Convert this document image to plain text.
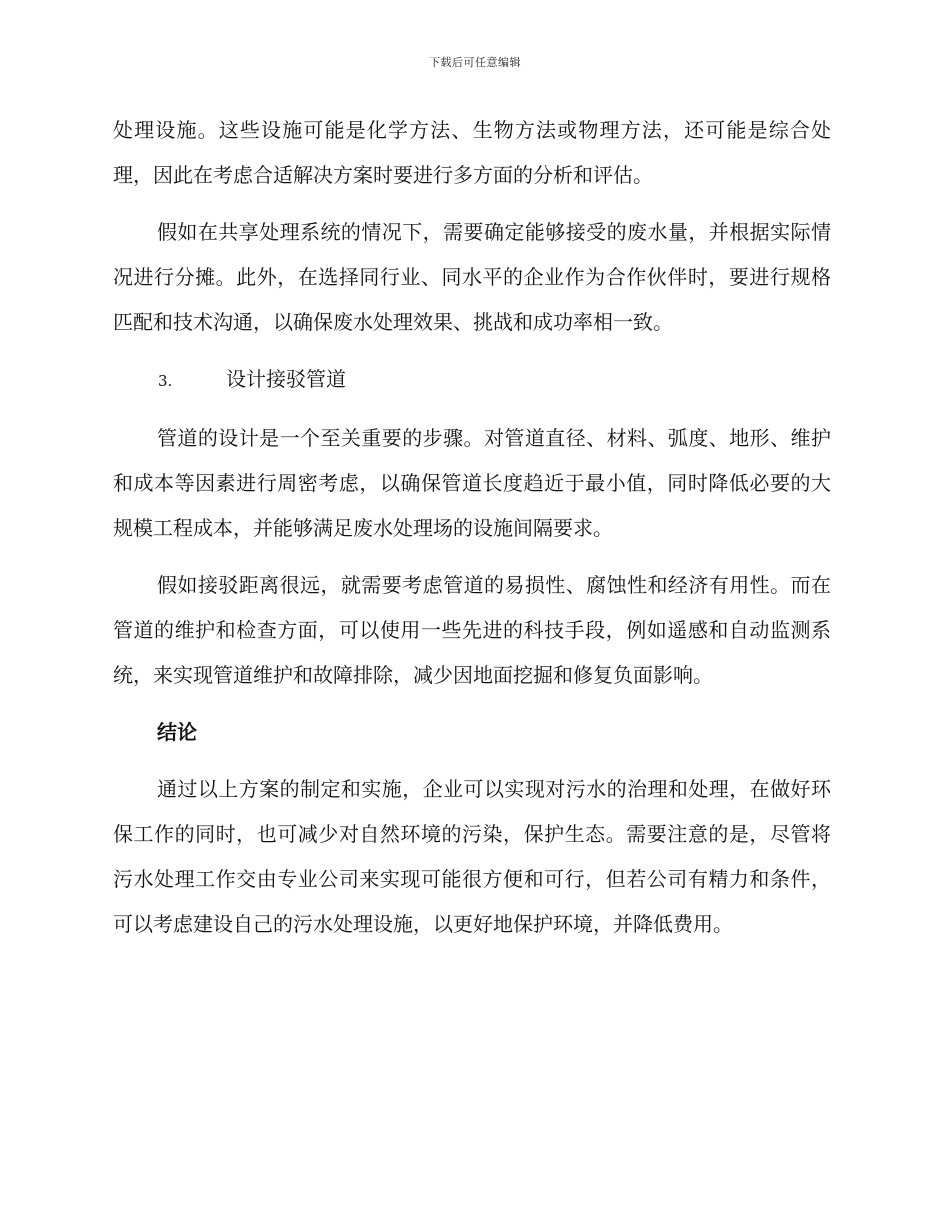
下载后可任意编辑

处理设施。这些设施可能是化学方法、生物方法或物理方法，还可能是综合处理，因此在考虑合适解决方案时要进行多方面的分析和评估。

假如在共享处理系统的情况下，需要确定能够接受的废水量，并根据实际情况进行分摊。此外，在选择同行业、同水平的企业作为合作伙伴时，要进行规格匹配和技术沟通，以确保废水处理效果、挑战和成功率相一致。

3.	设计接驳管道

管道的设计是一个至关重要的步骤。对管道直径、材料、弧度、地形、维护和成本等因素进行周密考虑，以确保管道长度趋近于最小值，同时降低必要的大规模工程成本，并能够满足废水处理场的设施间隔要求。

假如接驳距离很远，就需要考虑管道的易损性、腐蚀性和经济有用性。而在管道的维护和检查方面，可以使用一些先进的科技手段，例如遥感和自动监测系统，来实现管道维护和故障排除，减少因地面挖掘和修复负面影响。

结论

通过以上方案的制定和实施，企业可以实现对污水的治理和处理，在做好环保工作的同时，也可减少对自然环境的污染，保护生态。需要注意的是，尽管将污水处理工作交由专业公司来实现可能很方便和可行，但若公司有精力和条件，可以考虑建设自己的污水处理设施，以更好地保护环境，并降低费用。
